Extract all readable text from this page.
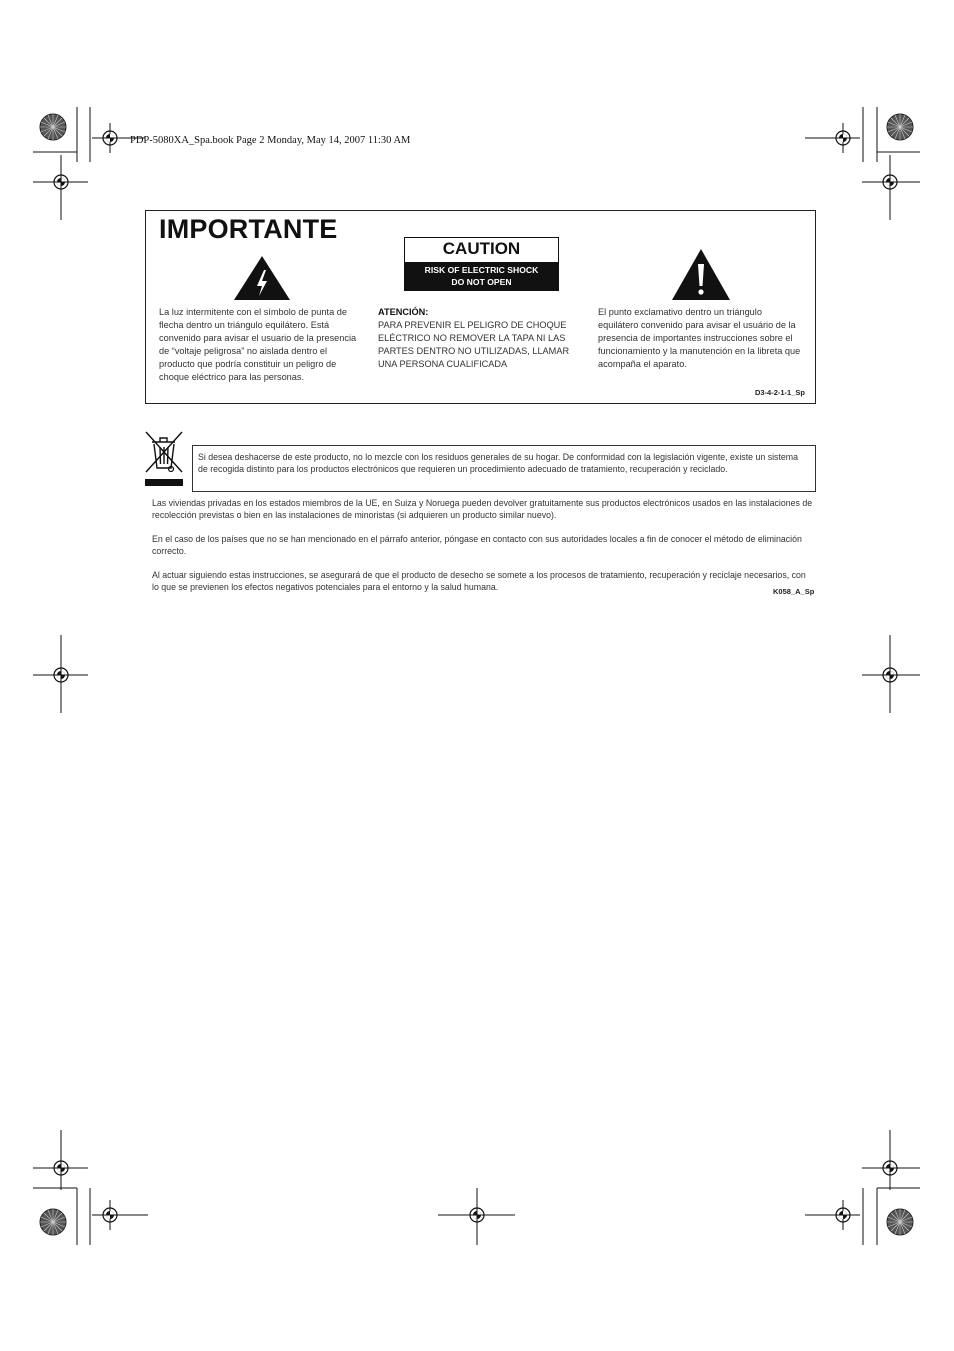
PDP-5080XA_Spa.book Page 2 Monday, May 14, 2007 11:30 AM
IMPORTANTE
CAUTION
RISK OF ELECTRIC SHOCK
DO NOT OPEN
La luz intermitente con el símbolo de punta de flecha dentro un triángulo equilátero. Está convenido para avisar el usuario de la presencia de “voltaje peligrosa” no aislada dentro el producto que podría constituir un peligro de choque eléctrico para las personas.
ATENCIÓN:
PARA PREVENIR EL PELIGRO DE CHOQUE ELÉCTRICO NO REMOVER LA TAPA NI LAS PARTES DENTRO NO UTILIZADAS, LLAMAR UNA PERSONA CUALIFICADA
El punto exclamativo dentro un triángulo equilátero convenido para avisar el usuário de la presencia de importantes instrucciones sobre el funcionamiento y la manutención en la libreta que acompaña el aparato.
D3-4-2-1-1_Sp
Si desea deshacerse de este producto, no lo mezcle con los residuos generales de su hogar. De conformidad con la legislación vigente, existe un sistema de recogida distinto para los productos electrónicos que requieren un procedimiento adecuado de tratamiento, recuperación y reciclado.
Las viviendas privadas en los estados miembros de la UE, en Suiza y Noruega pueden devolver gratuitamente sus productos electrónicos usados en las instalaciones de recolección previstas o bien en las instalaciones de minoristas (si adquieren un producto similar nuevo).
En el caso de los países que no se han mencionado en el párrafo anterior, póngase en contacto con sus autoridades locales a fin de conocer el método de eliminación correcto.
Al actuar siguiendo estas instrucciones, se asegurará de que el producto de desecho se somete a los procesos de tratamiento, recuperación y reciclaje necesarios, con lo que se previenen los efectos negativos potenciales para el entorno y la salud humana.	K058_A_Sp
